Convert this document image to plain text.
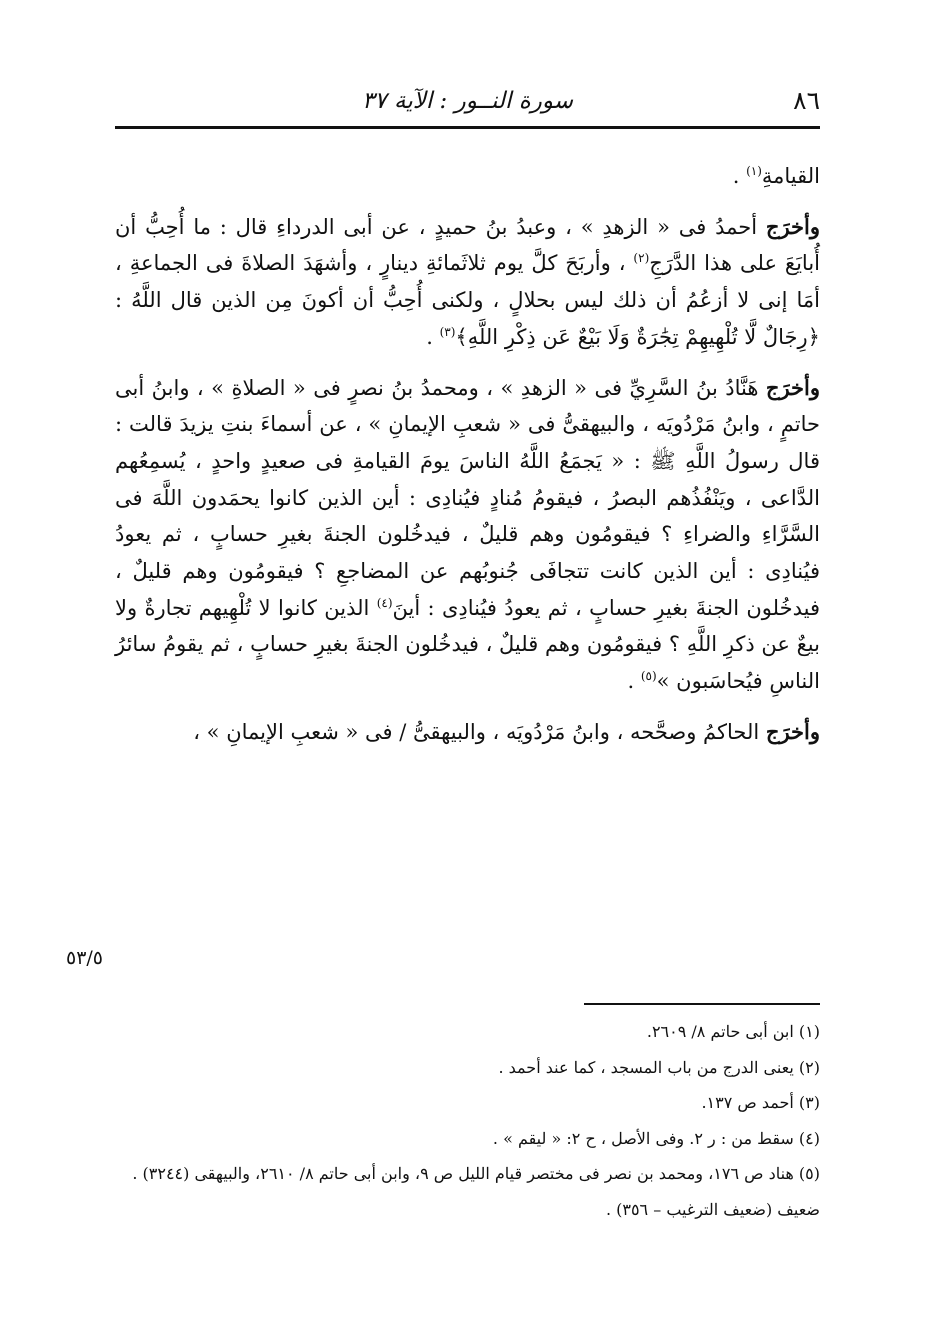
٨٦
سورة النــور : الآية ٣٧

القيامةِ$^{(١)}$ .

وأخرَج أحمدُ فى « الزهدِ » ، وعبدُ بنُ حميدٍ ، عن أبى الدرداءِ قال : ما أُحِبُّ أن أُبايَعَ على هذا الدَّرَجِ$^{(٢)}$ ، وأربَحَ كلَّ يوم ثلاثَمائةِ دينارٍ ، وأشهَدَ الصلاةَ فى الجماعةِ ، أمَا إنى لا أزعُمُ أن ذلك ليس بحلالٍ ، ولكنى أُحِبُّ أن أكونَ مِن الذين قال اللَّهُ : ﴿رِجَالٌ لَّا تُلْهِيهِمْ تِجَٰرَةٌ وَلَا بَيْعٌ عَن ذِكْرِ اللَّهِ﴾$^{(٣)}$ .

وأخرَج هَنَّادُ بنُ السَّرِيِّ فى « الزهدِ » ، ومحمدُ بنُ نصرٍ فى « الصلاةِ » ، وابنُ أبى حاتمٍ ، وابنُ مَرْدُويَه ، والبيهقىُّ فى « شعبِ الإيمانِ » ، عن أسماءَ بنتِ يزيدَ قالت : قال رسولُ اللَّهِ ﷺ : « يَجمَعُ اللَّهُ الناسَ يومَ القيامةِ فى صعيدٍ واحدٍ ، يُسمِعُهم الدَّاعى ، ويَنْفُذُهم البصرُ ، فيقومُ مُنادٍ فيُنادِى : أين الذين كانوا يحمَدون اللَّهَ فى السَّرَّاءِ والضراءِ ؟ فيقومُون وهم قليلٌ ، فيدخُلون الجنةَ بغيرِ حسابٍ ، ثم يعودُ فيُنادِى : أين الذين كانت تتجافَى جُنوبُهم عن المضاجعِ ؟ فيقومُون وهم قليلٌ ، فيدخُلون الجنةَ بغيرِ حسابٍ ، ثم يعودُ فيُنادِى : أينَ$^{(٤)}$ الذين كانوا لا تُلْهِيهم تجارةٌ ولا بيعٌ عن ذكرِ اللَّهِ ؟ فيقومُون وهم قليلٌ ، فيدخُلون الجنةَ بغيرِ حسابٍ ، ثم يقومُ سائرُ الناسِ فيُحاسَبون »$^{(٥)}$ .

وأخرَج الحاكمُ وصحَّحه ، وابنُ مَرْدُويَه ، والبيهقىُّ / فى « شعبِ الإيمانِ » ،

٥٣/٥

(١) ابن أبى حاتم ٨/ ٢٦٠٩.

(٢) يعنى الدرج من باب المسجد ، كما عند أحمد .

(٣) أحمد ص ١٣٧.

(٤) سقط من : ر ٢. وفى الأصل ، ح ٢: « ليقم » .

(٥) هناد ص ١٧٦، ومحمد بن نصر فى مختصر قيام الليل ص ٩، وابن أبى حاتم ٨/ ٢٦١٠، والبيهقى (٣٢٤٤) . ضعيف (ضعيف الترغيب – ٣٥٦) .
